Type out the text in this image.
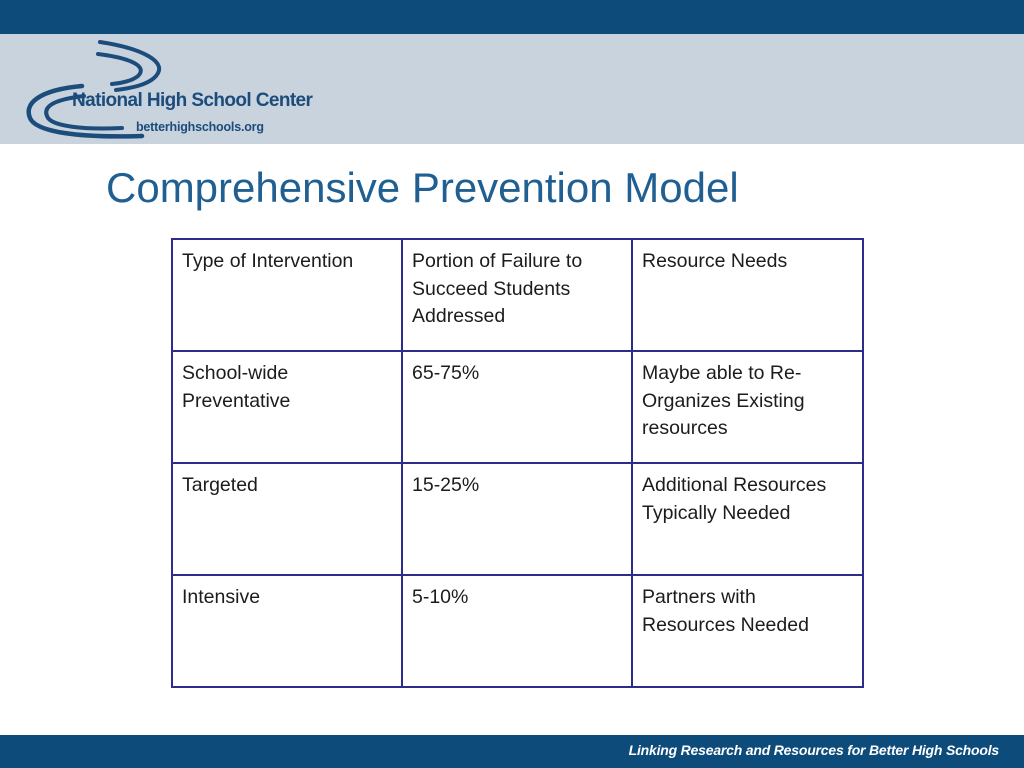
National High School Center
betterhighschools.org
Comprehensive Prevention Model
Type of Intervention	Portion of Failure to Succeed Students Addressed	Resource Needs
School-wide Preventative	65-75%	Maybe able to Re-Organizes Existing resources
Targeted	15-25%	Additional Resources Typically Needed
Intensive	5-10%	Partners with Resources Needed
Linking Research and Resources for Better High Schools
